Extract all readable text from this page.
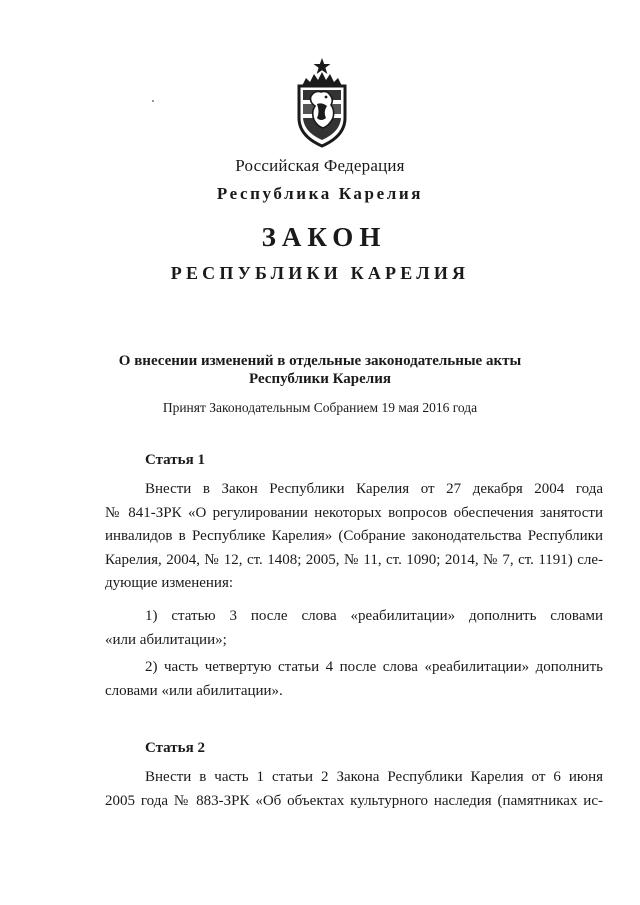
Российская Федерация
Республика Карелия
ЗАКОН
РЕСПУБЛИКИ КАРЕЛИЯ
О внесении изменений в отдельные законодательные акты
Республики Карелия
Принят Законодательным Собранием 19 мая 2016 года
Статья 1
Внести в Закон Республики Карелия от 27 декабря 2004 года
№ 841-ЗРК «О регулировании некоторых вопросов обеспечения занятости
инвалидов в Республике Карелия» (Собрание законодательства Республики
Карелия, 2004, № 12, ст. 1408; 2005, № 11, ст. 1090; 2014, № 7, ст. 1191) сле-
дующие изменения:
1) статью 3 после слова «реабилитации» дополнить словами
«или абилитации»;
2) часть четвертую статьи 4 после слова «реабилитации» дополнить
словами «или абилитации».
Статья 2
Внести в часть 1 статьи 2 Закона Республики Карелия от 6 июня
2005 года № 883-ЗРК «Об объектах культурного наследия (памятниках ис-
